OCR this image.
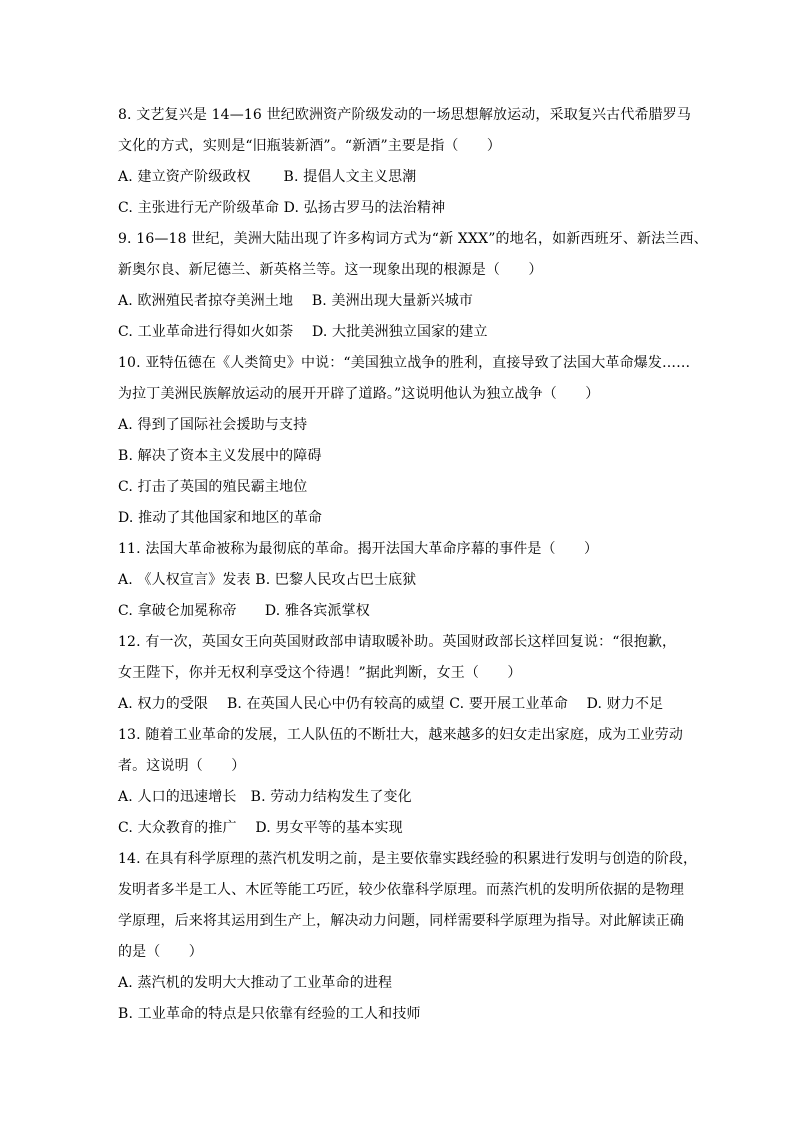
8. 文艺复兴是 14—16 世纪欧洲资产阶级发动的一场思想解放运动，采取复兴古代希腊罗马
文化的方式，实则是“旧瓶装新酒”。“新酒”主要是指（　　）
A. 建立资产阶级政权　　 B. 提倡人文主义思潮
C. 主张进行无产阶级革命 D. 弘扬古罗马的法治精神
9. 16—18 世纪，美洲大陆出现了许多构词方式为“新 XXX”的地名，如新西班牙、新法兰西、
新奥尔良、新尼德兰、新英格兰等。这一现象出现的根源是（　　）
A. 欧洲殖民者掠夺美洲土地　 B. 美洲出现大量新兴城市
C. 工业革命进行得如火如荼　 D. 大批美洲独立国家的建立
10. 亚特伍德在《人类简史》中说：“美国独立战争的胜利，直接导致了法国大革命爆发……
为拉丁美洲民族解放运动的展开开辟了道路。”这说明他认为独立战争（　　）
A. 得到了国际社会援助与支持
B. 解决了资本主义发展中的障碍
C. 打击了英国的殖民霸主地位
D. 推动了其他国家和地区的革命
11. 法国大革命被称为最彻底的革命。揭开法国大革命序幕的事件是（　　）
A. 《人权宣言》发表 B. 巴黎人民攻占巴士底狱
C. 拿破仑加冕称帝　　D. 雅各宾派掌权
12. 有一次，英国女王向英国财政部申请取暖补助。英国财政部长这样回复说：“很抱歉，
女王陛下，你并无权利享受这个待遇！”据此判断，女王（　　）
A. 权力的受限　 B. 在英国人民心中仍有较高的威望 C. 要开展工业革命　 D. 财力不足
13. 随着工业革命的发展，工人队伍的不断壮大，越来越多的妇女走出家庭，成为工业劳动
者。这说明（　　）
A. 人口的迅速增长　B. 劳动力结构发生了变化
C. 大众教育的推广　 D. 男女平等的基本实现
14. 在具有科学原理的蒸汽机发明之前，是主要依靠实践经验的积累进行发明与创造的阶段，
发明者多半是工人、木匠等能工巧匠，较少依靠科学原理。而蒸汽机的发明所依据的是物理
学原理，后来将其运用到生产上，解决动力问题，同样需要科学原理为指导。对此解读正确
的是（　　）
A. 蒸汽机的发明大大推动了工业革命的进程
B. 工业革命的特点是只依靠有经验的工人和技师
